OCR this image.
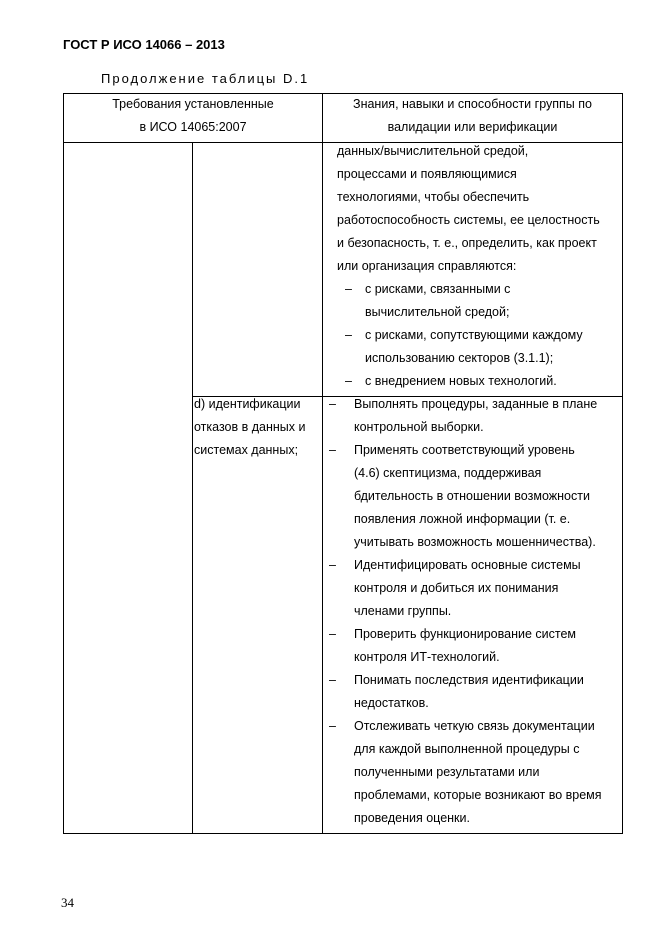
ГОСТ Р ИСО 14066 – 2013
Продолжение таблицы D.1
Требования установленные
в ИСО 14065:2007
Знания, навыки и способности группы по
валидации или верификации
данных/вычислительной средой,
процессами и появляющимися
технологиями, чтобы обеспечить
работоспособность системы, ее целостность
и безопасность, т. е., определить, как проект
или организация справляются:
– с рисками, связанными с
вычислительной средой;
– с рисками, сопутствующими каждому
использованию секторов (3.1.1);
– с внедрением новых технологий.
d) идентификации
отказов в данных и
системах данных;
– Выполнять процедуры, заданные в плане
контрольной выборки.
– Применять соответствующий уровень
(4.6) скептицизма, поддерживая
бдительность в отношении возможности
появления ложной информации (т. е.
учитывать возможность мошенничества).
– Идентифицировать основные системы
контроля и добиться их понимания
членами группы.
– Проверить функционирование систем
контроля ИТ-технологий.
– Понимать последствия идентификации
недостатков.
– Отслеживать четкую связь документации
для каждой выполненной процедуры с
полученными результатами или
проблемами, которые возникают во время
проведения оценки.
34
